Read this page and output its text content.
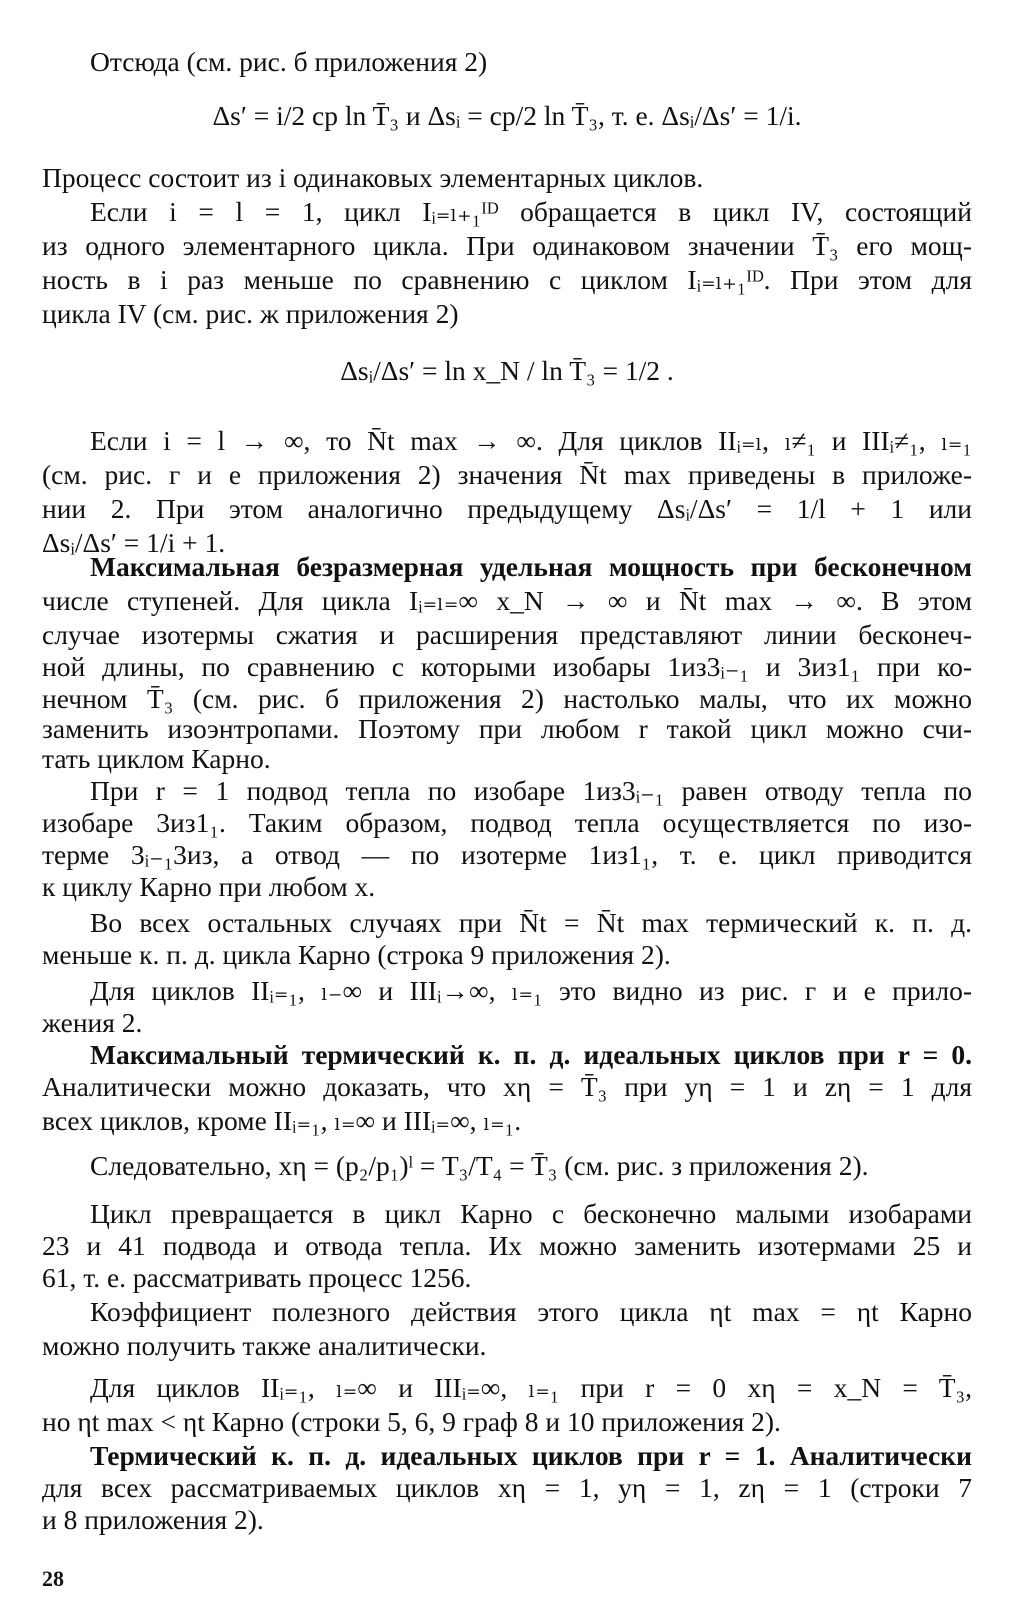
Отсюда (см. рис. б приложения 2)
Δs′ = i/2 cp ln T̄₃ и Δsᵢ = cp/2 ln T̄₃, т. е. Δsᵢ/Δs′ = 1/i.
Процесс состоит из i одинаковых элементарных циклов.
Если i = l = 1, цикл Iᵢ₌ₗ₊₁ᴵᴰ обращается в цикл IV, состоящий
из одного элементарного цикла. При одинаковом значении T̄₃ его мощ-
ность в i раз меньше по сравнению с циклом Iᵢ₌ₗ₊₁ᴵᴰ. При этом для
цикла IV (см. рис. ж приложения 2)
Δsᵢ/Δs′ = ln x_N / ln T̄₃ = 1/2 .
Если i = l → ∞, то N̄t max → ∞. Для циклов IIᵢ₌ₗ, ₗ≠₁ и IIIᵢ≠₁, ₗ₌₁
(см. рис. г и е приложения 2) значения N̄t max приведены в приложе-
нии 2. При этом аналогично предыдущему Δsᵢ/Δs′ = 1/l + 1 или
Δsᵢ/Δs′ = 1/i + 1.
Максимальная безразмерная удельная мощность при бесконечном
числе ступеней. Для цикла Iᵢ₌ₗ₌∞ x_N → ∞ и N̄t max → ∞. В этом
случае изотермы сжатия и расширения представляют линии бесконеч-
ной длины, по сравнению с которыми изобары 1из3ᵢ₋₁ и 3из1₁ при ко-
нечном T̄₃ (см. рис. б приложения 2) настолько малы, что их можно
заменить изоэнтропами. Поэтому при любом r такой цикл можно счи-
тать циклом Карно.
При r = 1 подвод тепла по изобаре 1из3ᵢ₋₁ равен отводу тепла по
изобаре 3из1₁. Таким образом, подвод тепла осуществляется по изо-
терме 3ᵢ₋₁3из, а отвод — по изотерме 1из1₁, т. е. цикл приводится
к циклу Карно при любом x.
Во всех остальных случаях при N̄t = N̄t max термический к. п. д.
меньше к. п. д. цикла Карно (строка 9 приложения 2).
Для циклов IIᵢ₌₁, ₗ₋∞ и IIIᵢ→∞, ₗ₌₁ это видно из рис. г и е прило-
жения 2.
Максимальный термический к. п. д. идеальных циклов при r = 0.
Аналитически можно доказать, что xη = T̄₃ при yη = 1 и zη = 1 для
всех циклов, кроме IIᵢ₌₁, ₗ₌∞ и IIIᵢ₌∞, ₗ₌₁.
Следовательно, xη = (p₂/p₁)ˡ = T₃/T₄ = T̄₃ (см. рис. з приложения 2).
Цикл превращается в цикл Карно с бесконечно малыми изобарами
23 и 41 подвода и отвода тепла. Их можно заменить изотермами 25 и
61, т. е. рассматривать процесс 1256.
Коэффициент полезного действия этого цикла ηt max = ηt Карно
можно получить также аналитически.
Для циклов IIᵢ₌₁, ₗ₌∞ и IIIᵢ₌∞, ₗ₌₁ при r = 0 xη = x_N = T̄₃,
но ηt max < ηt Карно (строки 5, 6, 9 граф 8 и 10 приложения 2).
Термический к. п. д. идеальных циклов при r = 1. Аналитически
для всех рассматриваемых циклов xη = 1, yη = 1, zη = 1 (строки 7
и 8 приложения 2).
28
